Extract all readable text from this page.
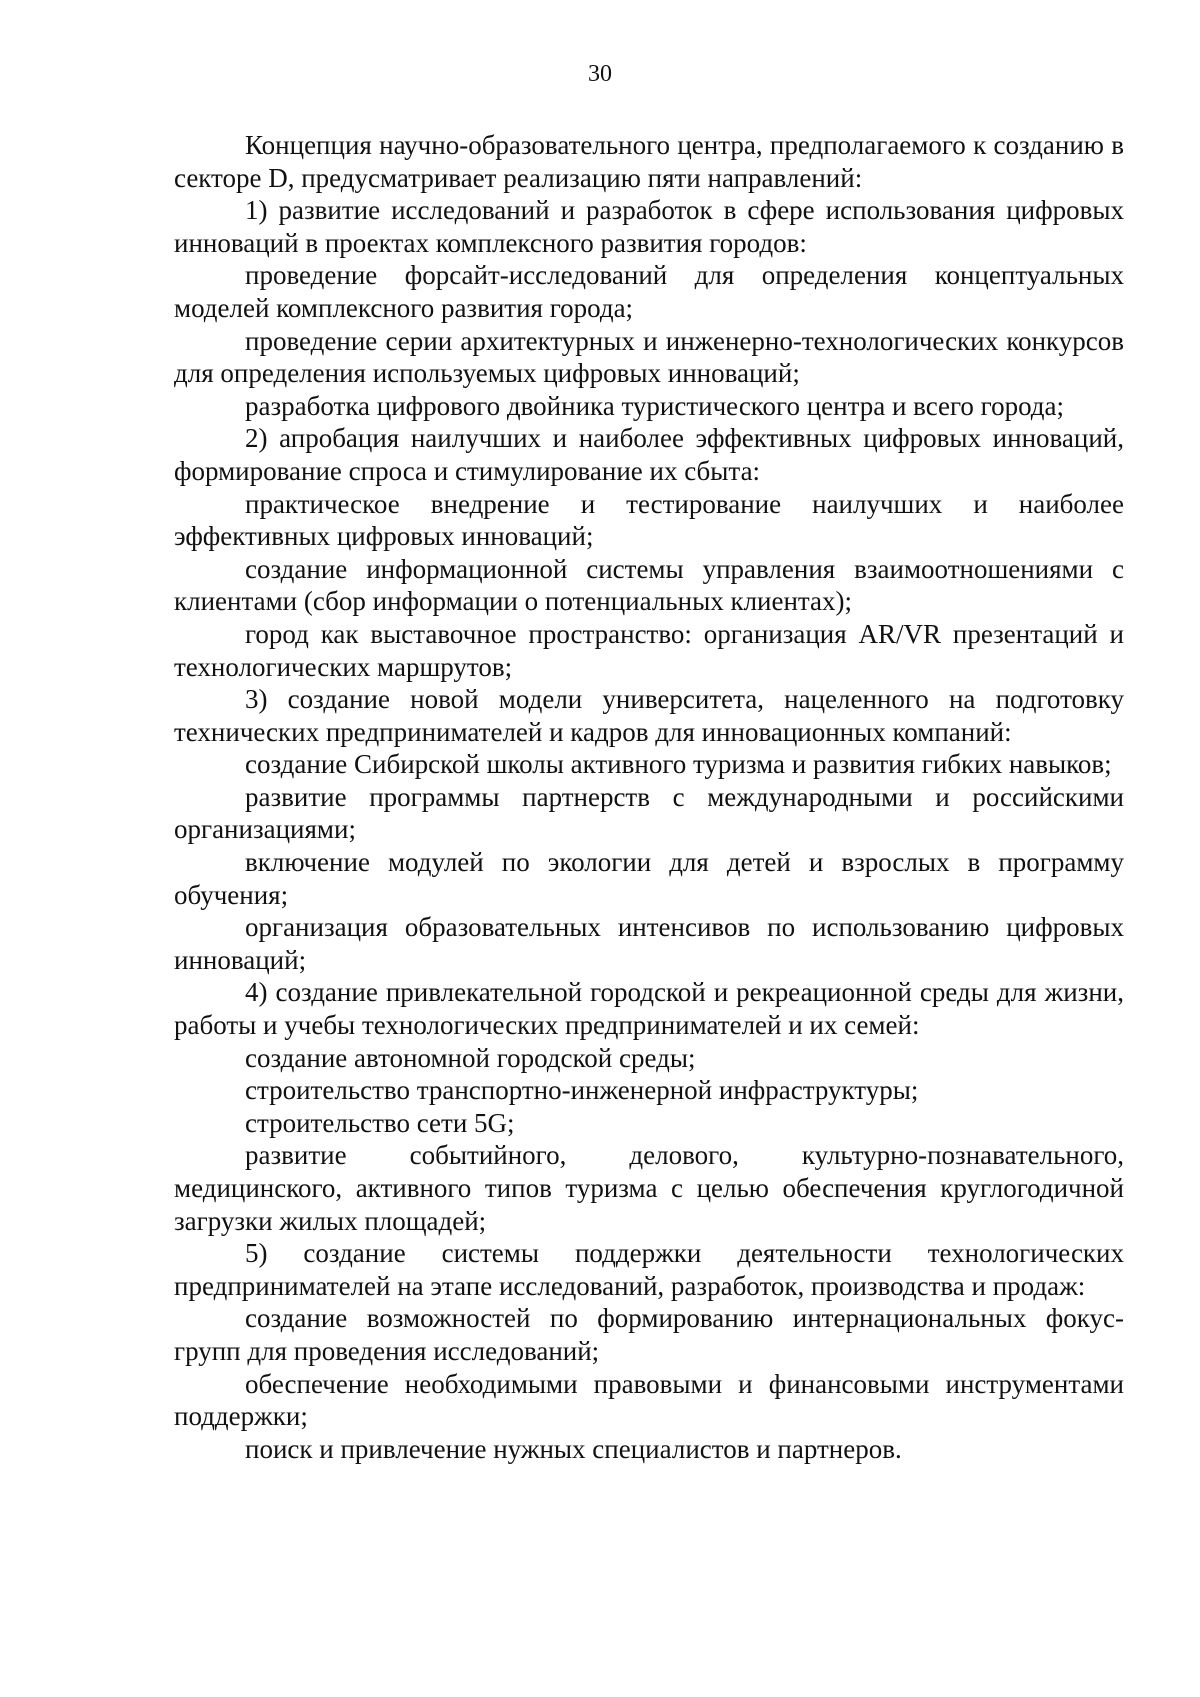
30

Концепция научно-образовательного центра, предполагаемого к созданию в секторе D, предусматривает реализацию пяти направлений:

1) развитие исследований и разработок в сфере использования цифровых инноваций в проектах комплексного развития городов:

проведение форсайт-исследований для определения концептуальных моделей комплексного развития города;

проведение серии архитектурных и инженерно-технологических конкурсов для определения используемых цифровых инноваций;

разработка цифрового двойника туристического центра и всего города;

2) апробация наилучших и наиболее эффективных цифровых инноваций, формирование спроса и стимулирование их сбыта:

практическое внедрение и тестирование наилучших и наиболее эффективных цифровых инноваций;

создание информационной системы управления взаимоотношениями с клиентами (сбор информации о потенциальных клиентах);

город как выставочное пространство: организация AR/VR презентаций и технологических маршрутов;

3) создание новой модели университета, нацеленного на подготовку технических предпринимателей и кадров для инновационных компаний:

создание Сибирской школы активного туризма и развития гибких навыков;

развитие программы партнерств с международными и российскими организациями;

включение модулей по экологии для детей и взрослых в программу обучения;

организация образовательных интенсивов по использованию цифровых инноваций;

4) создание привлекательной городской и рекреационной среды для жизни, работы и учебы технологических предпринимателей и их семей:

создание автономной городской среды;

строительство транспортно-инженерной инфраструктуры;

строительство сети 5G;

развитие событийного, делового, культурно-познавательного, медицинского, активного типов туризма с целью обеспечения круглогодичной загрузки жилых площадей;

5) создание системы поддержки деятельности технологических предпринимателей на этапе исследований, разработок, производства и продаж:

создание возможностей по формированию интернациональных фокус-групп для проведения исследований;

обеспечение необходимыми правовыми и финансовыми инструментами поддержки;

поиск и привлечение нужных специалистов и партнеров.
